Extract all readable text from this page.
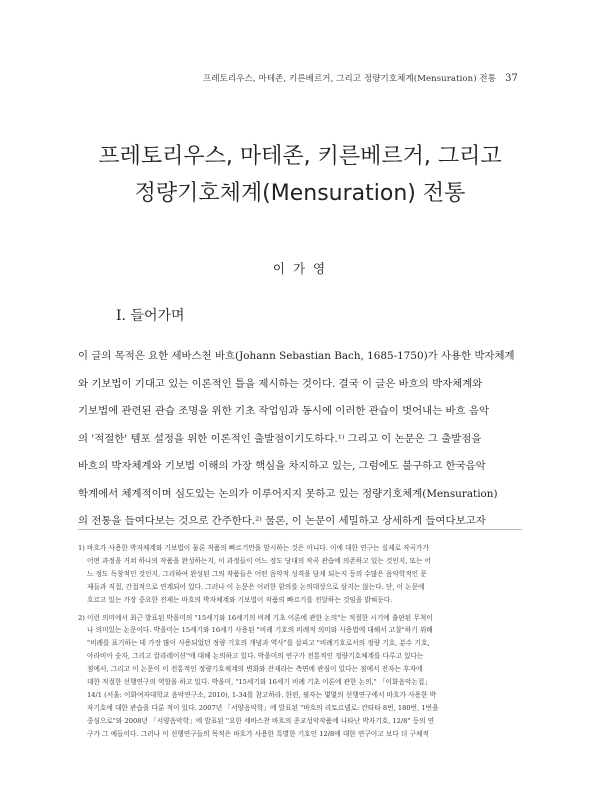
프레토리우스, 마테존, 키른베르거, 그리고 정량기호체계(Mensuration) 전통 37
프레토리우스, 마테존, 키른베르거, 그리고
정량기호체계(Mensuration) 전통
이 가 영
I. 들어가며
이 글의 목적은 요한 세바스천 바흐(Johann Sebastian Bach, 1685-1750)가 사용한 박자체계
와 기보법이 기대고 있는 이론적인 틀을 제시하는 것이다. 결국 이 글은 바흐의 박자체계와
기보법에 관련된 관습 조명을 위한 기초 작업임과 동시에 이러한 관습이 벗어내는 바흐 음악
의 '적절한' 템포 설정을 위한 이론적인 출발점이기도하다.¹⁾ 그리고 이 논문은 그 출발점을
바흐의 박자체계와 기보법 이해의 가장 핵심을 차지하고 있는, 그럼에도 불구하고 한국음악
학계에서 체계적이며 심도있는 논의가 이루어지지 못하고 있는 정량기호체계(Mensuration)
의 전통을 들여다보는 것으로 간주한다.²⁾ 물론, 이 논문이 세밀하고 상세하게 들여다보고자
1) 바흐가 사용한 박자체계와 기보법이 물론 작품의 빠르기만을 암시하는 것은 아니다. 이에 대한 연구는 실제로 작곡가가
어떤 과정을 거쳐 하나의 작품을 완성하는지, 이 과정들이 어느 정도 당대의 작곡 관습에 의존하고 있는 것인지, 또는 어
느 정도 독창적인 것인지, 그리하여 완성된 그의 작품들은 어떤 음악적 성격을 담게 되는지 등의 수많은 음악학적인 문
제들과 직접, 간접적으로 연계되어 있다. 그러나 이 논문은 이러한 함의를 논의대상으로 삼지는 않는다. 단, 이 논문에
흐르고 있는 가장 중요한 전제는 바흐의 박자체계와 기보법이 작품의 빠르기를 전달하는 것임을 밝혀둔다.
2) 이런 의미에서 최근 발표된 박을미의 "15세기와 16세기의 비례 기초 이론에 관한 논의"는 적절한 시기에 출판된 무척이
나 의미있는 논문이다. 박을미는 15세기와 16세기 사용된 "비례 기호의 비례적 의미와 사용법에 대해서 고찰"하기 위해
"비례를 표기하는 데 가장 많이 사용되었던 정량 기호의 개념과 역사"를 살피고 "비례기호로서의 정량 기호, 분수 기호,
아라비아 숫자, 그리고 칼라레이션"에 대해 논의하고 있다. 박을미의 연구가 전통적인 정량기호체계를 다루고 있다는
점에서, 그리고 이 논문이 이 전통적인 정량기호체계의 변화와 잔재라는 측면에 관심이 있다는 점에서 전자는 후자에
대한 적절한 선행연구의 역할을 하고 있다. 박을미, "15세기와 16세기 비례 기초 이론에 관한 논의," 「이화음악논집」
14/1 (서울: 이화여자대학교 음악연구소, 2010), 1-34를 참고하라. 한편, 필자는 몇몇의 선행연구에서 바흐가 사용한 박
자기호에 대한 관습을 다룬 적이 있다. 2007년 「서양음악학」에 발표된 "바흐의 리토르넬로: 칸타타 8번, 180번, 1번을
중심으로"와 2008년 「서양음악학」에 발표된 "요한 세바스찬 바흐의 종교성악작품에 나타난 박자기호, 12/8" 등의 연
구가 그 예들이다. 그러나 이 선행연구들의 목적은 바흐가 사용한 특별한 기호인 12/8에 대한 연구이고 보다 더 구체적
